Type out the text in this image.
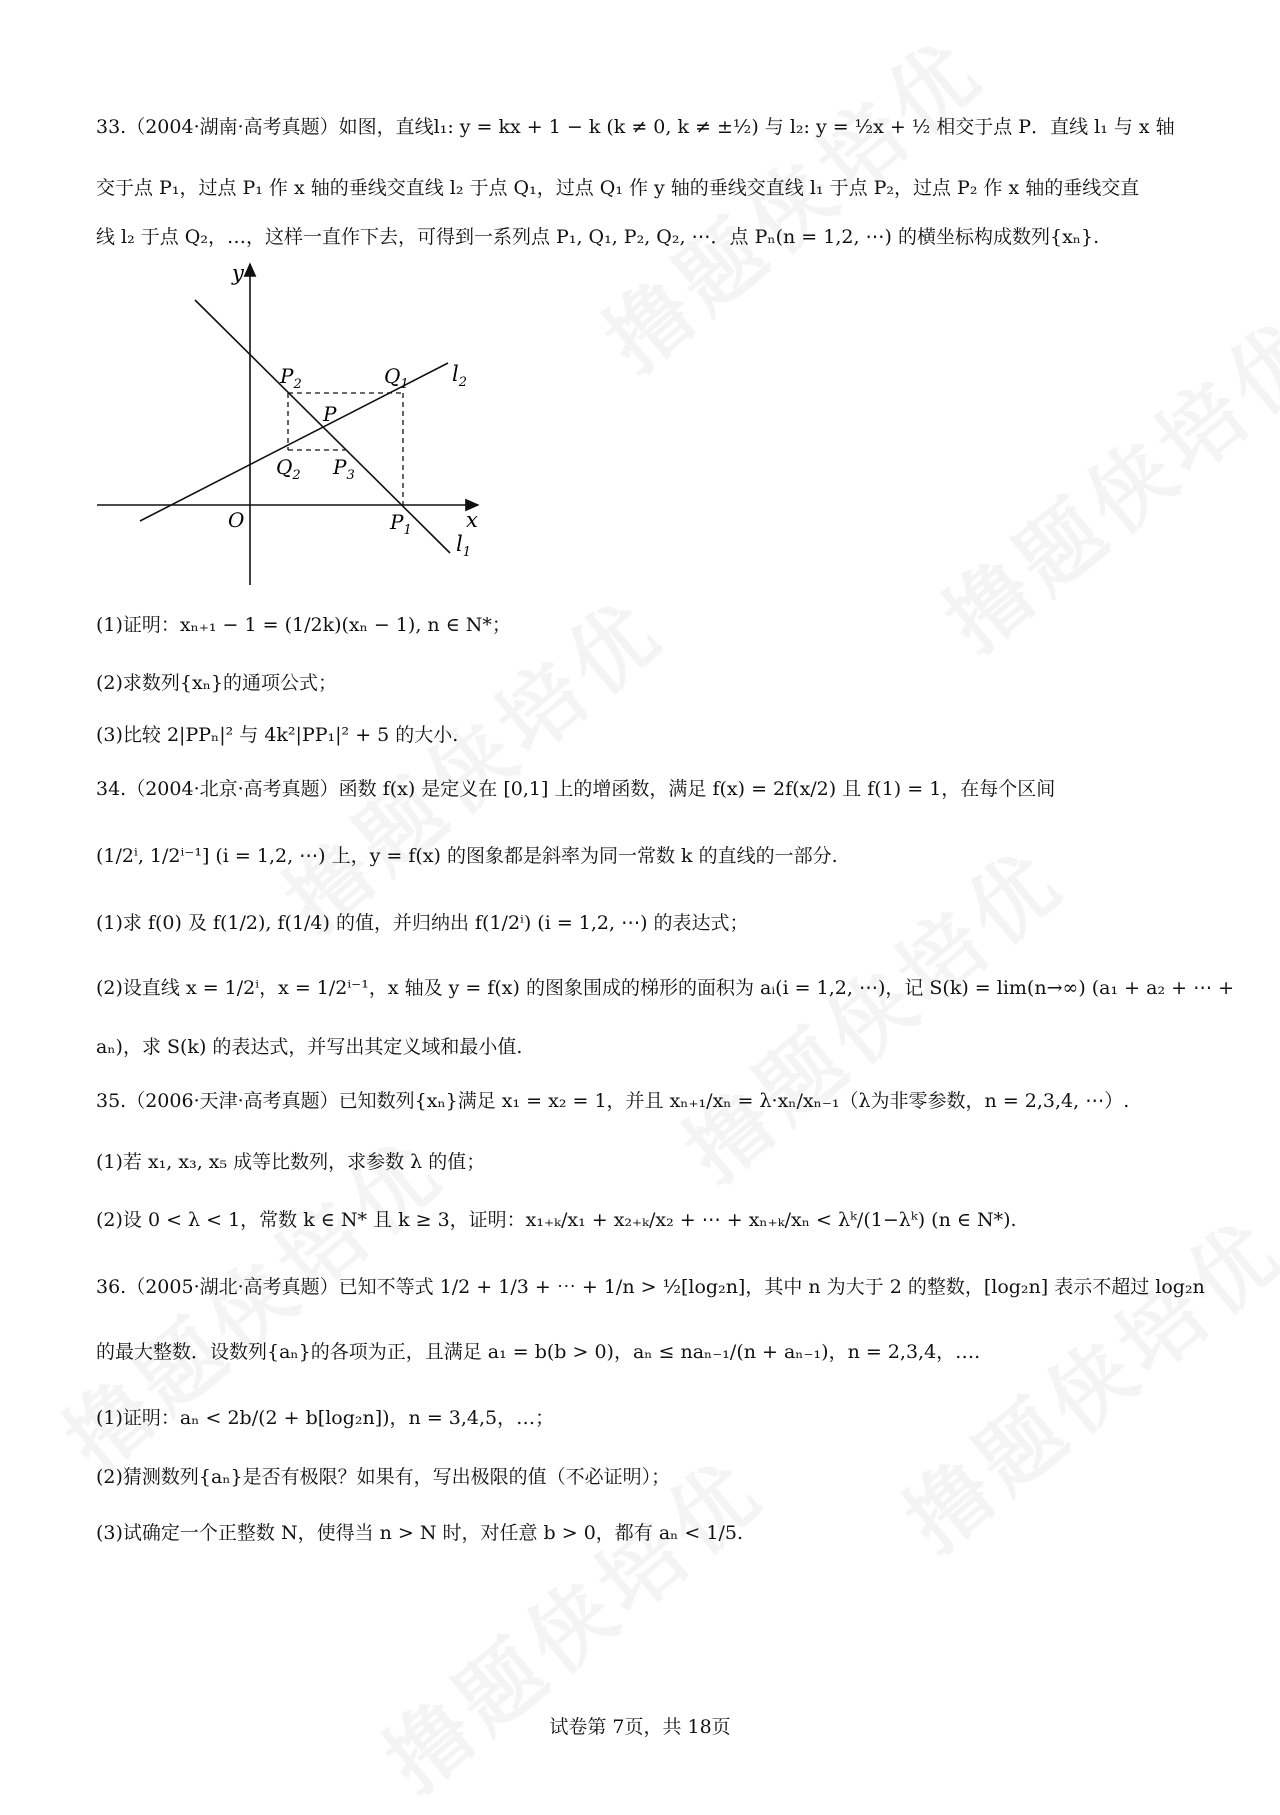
33.（2004·湖南·高考真题）如图，直线l₁: y = kx + 1 − k (k ≠ 0, k ≠ ±½) 与 l₂: y = ½x + ½ 相交于点 P．直线 l₁ 与 x 轴
交于点 P₁，过点 P₁ 作 x 轴的垂线交直线 l₂ 于点 Q₁，过点 Q₁ 作 y 轴的垂线交直线 l₁ 于点 P₂，过点 P₂ 作 x 轴的垂线交直
线 l₂ 于点 Q₂，…，这样一直作下去，可得到一系列点 P₁, Q₁, P₂, Q₂, ⋯．点 Pₙ(n = 1,2, ⋯) 的横坐标构成数列{xₙ}.
y
x
O
$l_2$
$l_1$
$Q_1$
$P_2$
P
$Q_2$ $P_3$
$P_1$
(1)证明：xₙ₊₁ − 1 = (1/2k)(xₙ − 1), n ∈ N*；
(2)求数列{xₙ}的通项公式；
(3)比较 2|PPₙ|² 与 4k²|PP₁|² + 5 的大小.
34.（2004·北京·高考真题）函数 f(x) 是定义在 [0,1] 上的增函数，满足 f(x) = 2f(x/2) 且 f(1) = 1，在每个区间
(1/2ⁱ, 1/2ⁱ⁻¹] (i = 1,2, ⋯) 上，y = f(x) 的图象都是斜率为同一常数 k 的直线的一部分.
(1)求 f(0) 及 f(1/2), f(1/4) 的值，并归纳出 f(1/2ⁱ) (i = 1,2, ⋯) 的表达式；
(2)设直线 x = 1/2ⁱ，x = 1/2ⁱ⁻¹，x 轴及 y = f(x) 的图象围成的梯形的面积为 aᵢ(i = 1,2, ⋯)，记 S(k) = lim(n→∞) (a₁ + a₂ + ⋯ +
aₙ)，求 S(k) 的表达式，并写出其定义域和最小值.
35.（2006·天津·高考真题）已知数列{xₙ}满足 x₁ = x₂ = 1，并且 xₙ₊₁/xₙ = λ·xₙ/xₙ₋₁（λ为非零参数，n = 2,3,4, ⋯）.
(1)若 x₁, x₃, x₅ 成等比数列，求参数 λ 的值；
(2)设 0 < λ < 1，常数 k ∈ N* 且 k ≥ 3，证明：x₁₊ₖ/x₁ + x₂₊ₖ/x₂ + ⋯ + xₙ₊ₖ/xₙ < λᵏ/(1−λᵏ) (n ∈ N*).
36.（2005·湖北·高考真题）已知不等式 1/2 + 1/3 + ⋯ + 1/n > ½[log₂n]，其中 n 为大于 2 的整数，[log₂n] 表示不超过 log₂n
的最大整数．设数列{aₙ}的各项为正，且满足 a₁ = b(b > 0)，aₙ ≤ naₙ₋₁/(n + aₙ₋₁)，n = 2,3,4，….
(1)证明：aₙ < 2b/(2 + b[log₂n])，n = 3,4,5，…；
(2)猜测数列{aₙ}是否有极限？如果有，写出极限的值（不必证明）；
(3)试确定一个正整数 N，使得当 n > N 时，对任意 b > 0，都有 aₙ < 1/5.
试卷第 7页，共 18页
